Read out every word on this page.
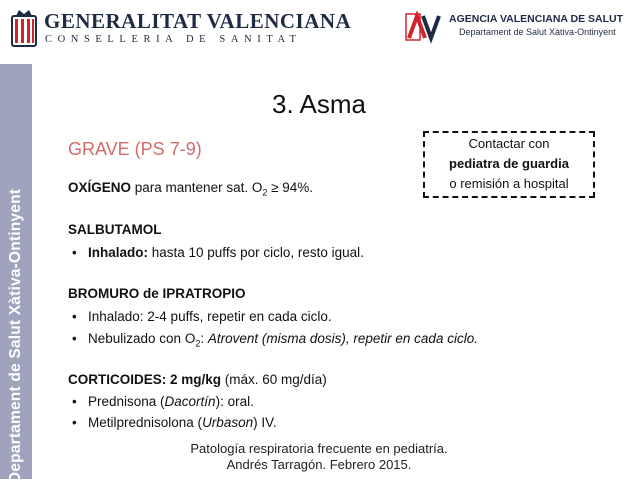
GENERALITAT VALENCIANA
CONSELLERIA DE SANITAT
AGENCIA VALENCIANA DE SALUT
Departament de Salut Xàtiva-Ontinyent
Departament de Salut Xàtiva-Ontinyent
3. Asma
GRAVE (PS 7-9)	Contactar con
pediatra de guardia
o remisión a hospital
OXÍGENO para mantener sat. $O_2 \ge 94\%$.
SALBUTAMOL
• Inhalado: hasta 10 puffs por ciclo, resto igual.
BROMURO de IPRATROPIO
• Inhalado: 2-4 puffs, repetir en cada ciclo.
• Nebulizado con $O_2$: Atrovent (misma dosis), repetir en cada ciclo.
CORTICOIDES: 2 mg/kg (máx. 60 mg/día)
• Prednisona (Dacortín): oral.
• Metilprednisolona (Urbason) IV.
Patología respiratoria frecuente en pediatría.
Andrés Tarragón. Febrero 2015.
